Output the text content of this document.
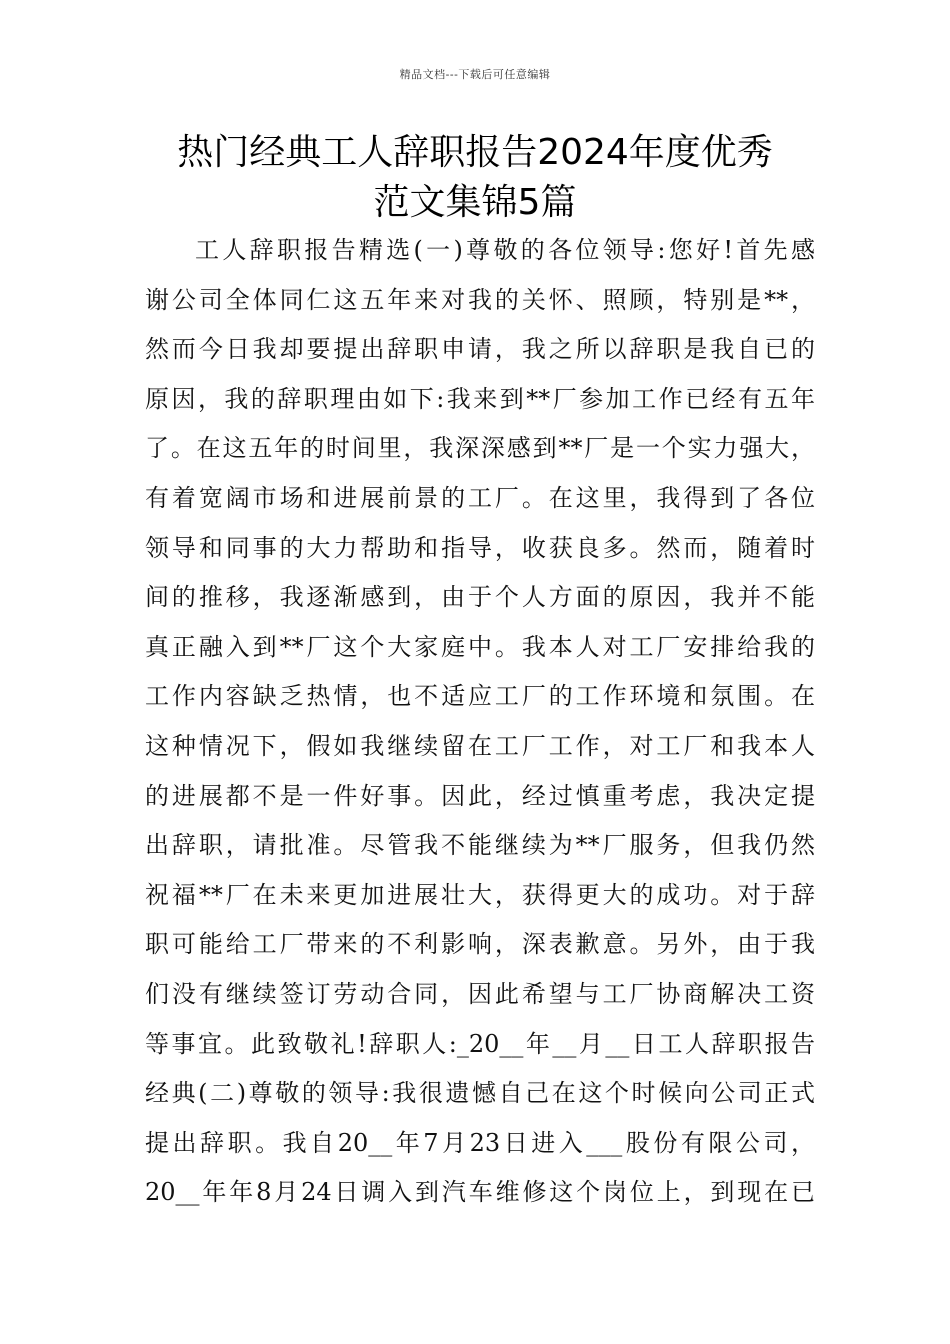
精品文档---下载后可任意编辑
热门经典工人辞职报告2024年度优秀
范文集锦5篇
工人辞职报告精选(一)尊敬的各位领导:您好!首先感
谢公司全体同仁这五年来对我的关怀、照顾，特别是**，
然而今日我却要提出辞职申请，我之所以辞职是我自已的
原因，我的辞职理由如下:我来到**厂参加工作已经有五年
了。在这五年的时间里，我深深感到**厂是一个实力强大，
有着宽阔市场和进展前景的工厂。在这里，我得到了各位
领导和同事的大力帮助和指导，收获良多。然而，随着时
间的推移，我逐渐感到，由于个人方面的原因，我并不能
真正融入到**厂这个大家庭中。我本人对工厂安排给我的
工作内容缺乏热情，也不适应工厂的工作环境和氛围。在
这种情况下，假如我继续留在工厂工作，对工厂和我本人
的进展都不是一件好事。因此，经过慎重考虑，我决定提
出辞职，请批准。尽管我不能继续为**厂服务，但我仍然
祝福**厂在未来更加进展壮大，获得更大的成功。对于辞
职可能给工厂带来的不利影响，深表歉意。另外，由于我
们没有继续签订劳动合同，因此希望与工厂协商解决工资
等事宜。此致敬礼!辞职人:_20__年__月__日工人辞职报告
经典(二)尊敬的领导:我很遗憾自己在这个时候向公司正式
提出辞职。我自20__年7月23日进入___股份有限公司，
20__年年8月24日调入到汽车维修这个岗位上，到现在已
